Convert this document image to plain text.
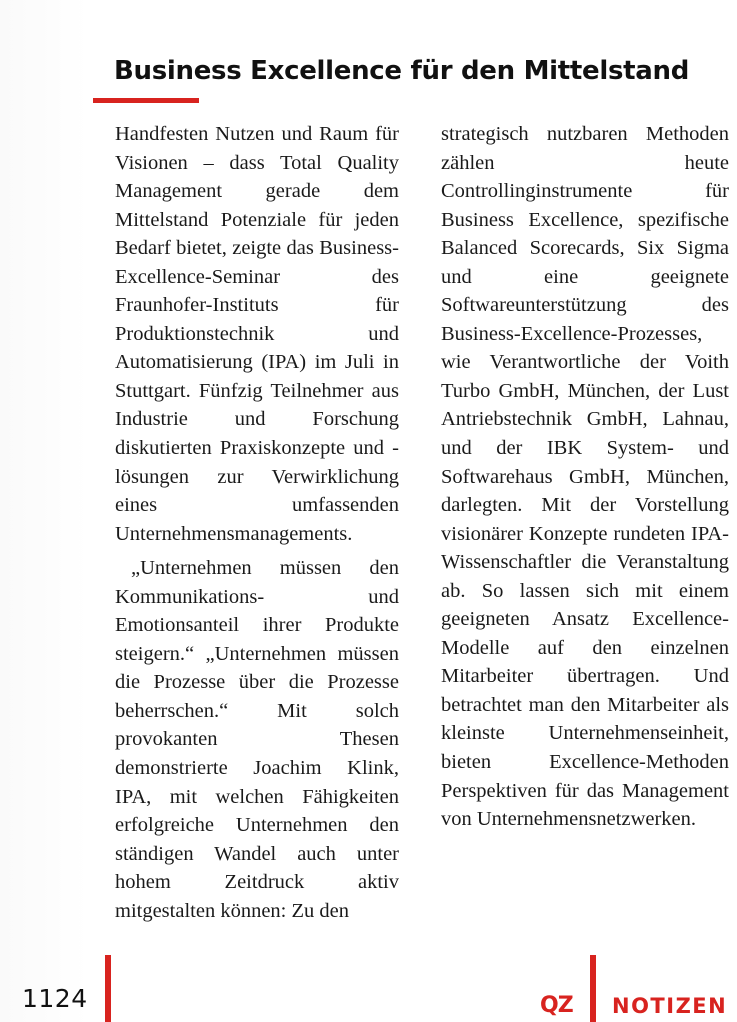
Business Excellence für den Mittelstand

Handfesten Nutzen und Raum für Visionen – dass Total Quality Management gerade dem Mittelstand Potenziale für jeden Bedarf bietet, zeigte das Business-Excellence-Seminar des Fraunhofer-Instituts für Produktionstechnik und Automatisierung (IPA) im Juli in Stuttgart. Fünfzig Teilnehmer aus Industrie und Forschung diskutierten Praxiskonzepte und -lösungen zur Verwirklichung eines umfassenden Unternehmensmanagements.

„Unternehmen müssen den Kommunikations- und Emotionsanteil ihrer Produkte steigern.“ „Unternehmen müssen die Prozesse über die Prozesse beherrschen.“ Mit solch provokanten Thesen demonstrierte Joachim Klink, IPA, mit welchen Fähigkeiten erfolgreiche Unternehmen den ständigen Wandel auch unter hohem Zeitdruck aktiv mitgestalten können: Zu den

strategisch nutzbaren Methoden zählen heute Controllinginstrumente für Business Excellence, spezifische Balanced Scorecards, Six Sigma und eine geeignete Softwareunterstützung des Business-Excellence-Prozesses, wie Verantwortliche der Voith Turbo GmbH, München, der Lust Antriebstechnik GmbH, Lahnau, und der IBK System- und Softwarehaus GmbH, München, darlegten. Mit der Vorstellung visionärer Konzepte rundeten IPA-Wissenschaftler die Veranstaltung ab. So lassen sich mit einem geeigneten Ansatz Excellence-Modelle auf den einzelnen Mitarbeiter übertragen. Und betrachtet man den Mitarbeiter als kleinste Unternehmenseinheit, bieten Excellence-Methoden Perspektiven für das Management von Unternehmensnetzwerken.

1124	QZ NOTIZEN
